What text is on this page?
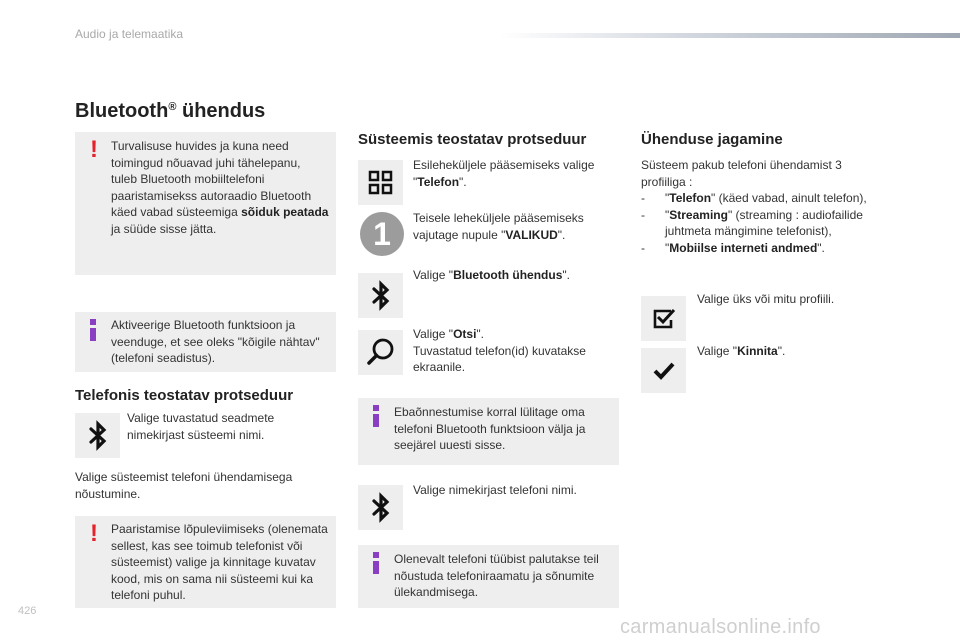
Audio ja telemaatika
Bluetooth® ühendus
! Turvalisuse huvides ja kuna need toimingud nõuavad juhi tähelepanu, tuleb Bluetooth mobiiltelefoni paaristamisekss autoraadio Bluetooth käed vabad süsteemiga sõiduk peatada ja süüde sisse jätta.
Aktiveerige Bluetooth funktsioon ja veenduge, et see oleks "kõigile nähtav" (telefoni seadistus).
Telefonis teostatav protseduur
Valige tuvastatud seadmete nimekirjast süsteemi nimi.
Valige süsteemist telefoni ühendamisega nõustumine.
! Paaristamise lõpuleviimiseks (olenemata sellest, kas see toimub telefonist või süsteemist) valige ja kinnitage kuvatav kood, mis on sama nii süsteemi kui ka telefoni puhul.
Süsteemis teostatav protseduur
Esileheküljele pääsemiseks valige "Telefon".
1	Teisele leheküljele pääsemiseks vajutage nupule "VALIKUD".
Valige "Bluetooth ühendus".
Valige "Otsi".
Tuvastatud telefon(id) kuvatakse ekraanile.
Ebaõnnestumise korral lülitage oma telefoni Bluetooth funktsioon välja ja seejärel uuesti sisse.
Valige nimekirjast telefoni nimi.
Olenevalt telefoni tüübist palutakse teil nõustuda telefoniraamatu ja sõnumite ülekandmisega.
Ühenduse jagamine
Süsteem pakub telefoni ühendamist 3 profiiliga :
-	"Telefon" (käed vabad, ainult telefon),
-	"Streaming" (streaming : audiofailide juhtmeta mängimine telefonist),
-	"Mobiilse interneti andmed".
Valige üks või mitu profiili.
Valige "Kinnita".
426
carmanualsonline.info
